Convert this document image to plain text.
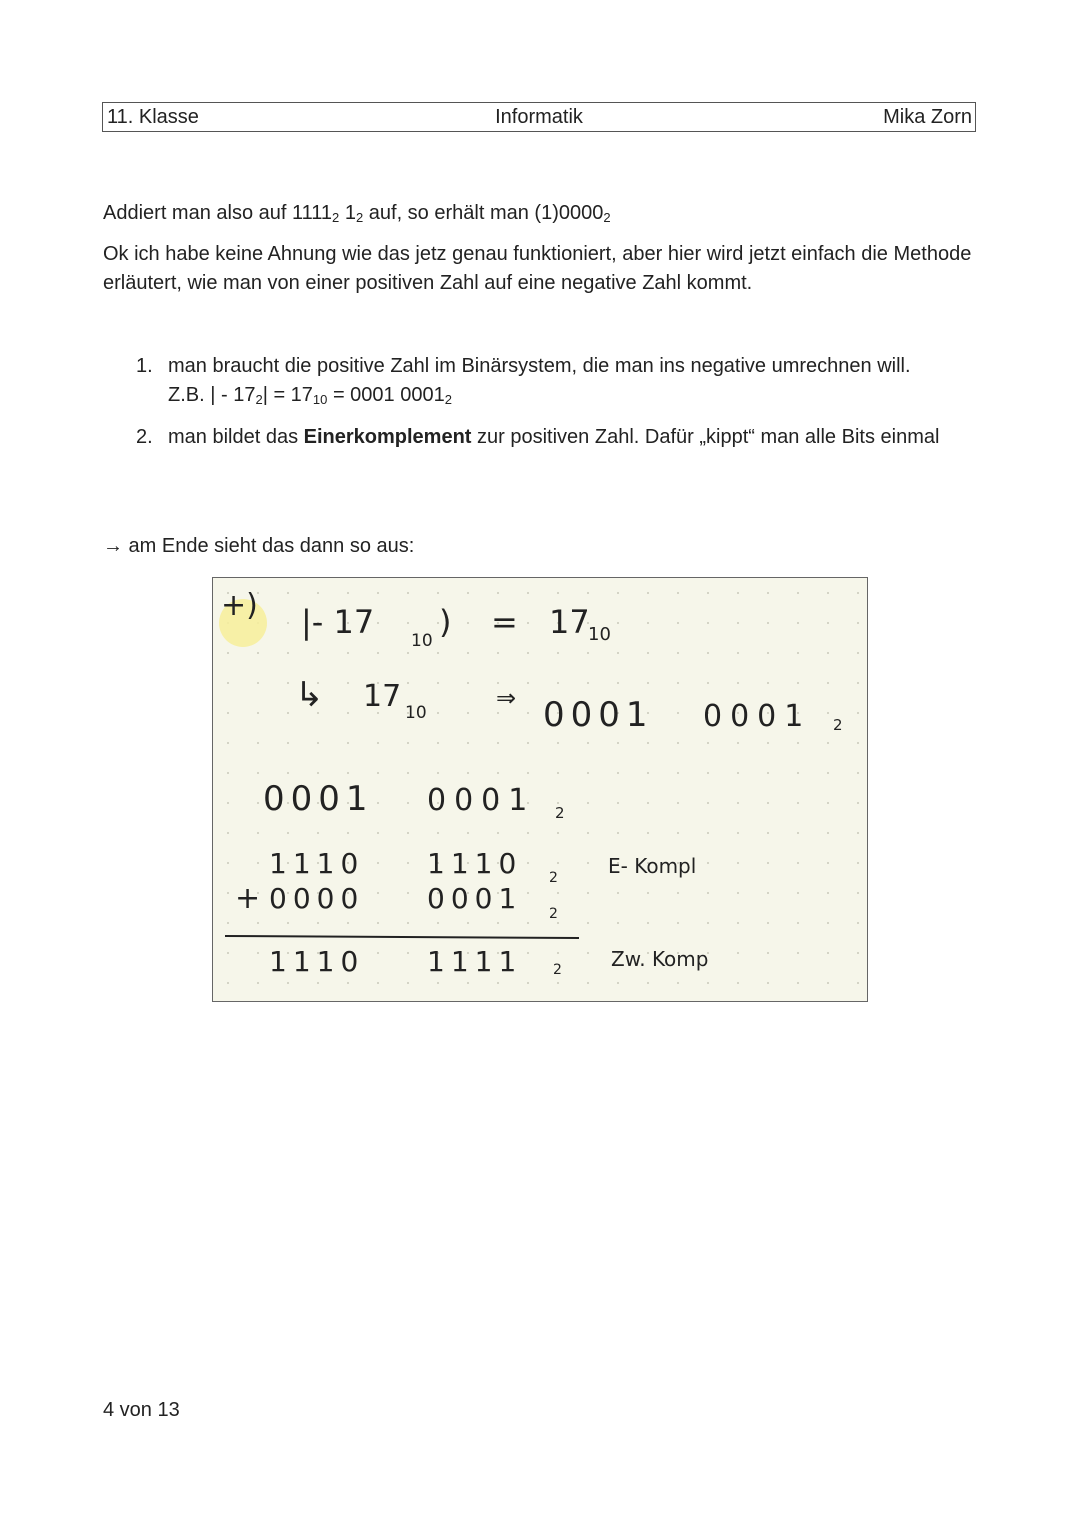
11. Klasse	Informatik	Mika Zorn
Addiert man also auf $1111_2$ $1_2$ auf, so erhält man $(1)0000_2$
Ok ich habe keine Ahnung wie das jetz genau funktioniert, aber hier wird jetzt einfach die Methode erläutert, wie man von einer positiven Zahl auf eine negative Zahl kommt.
1. man braucht die positive Zahl im Binärsystem, die man ins negative umrechnen will.
Z.B. | - $17_2| = 17_{10} = 0001$ $0001_2$
2. man bildet das Einerkomplement zur positiven Zahl. Dafür „kippt“ man alle Bits einmal
→ am Ende sieht das dann so aus:
+) |- 17 10 ) = 17
10
↳ 17 10
⇒ 0001 0001 2
0001 0001 2
1110 1110 2	E- Kompl
+ 0000 0001 2
1110 1111 2 Zw. Komp
4 von 13
